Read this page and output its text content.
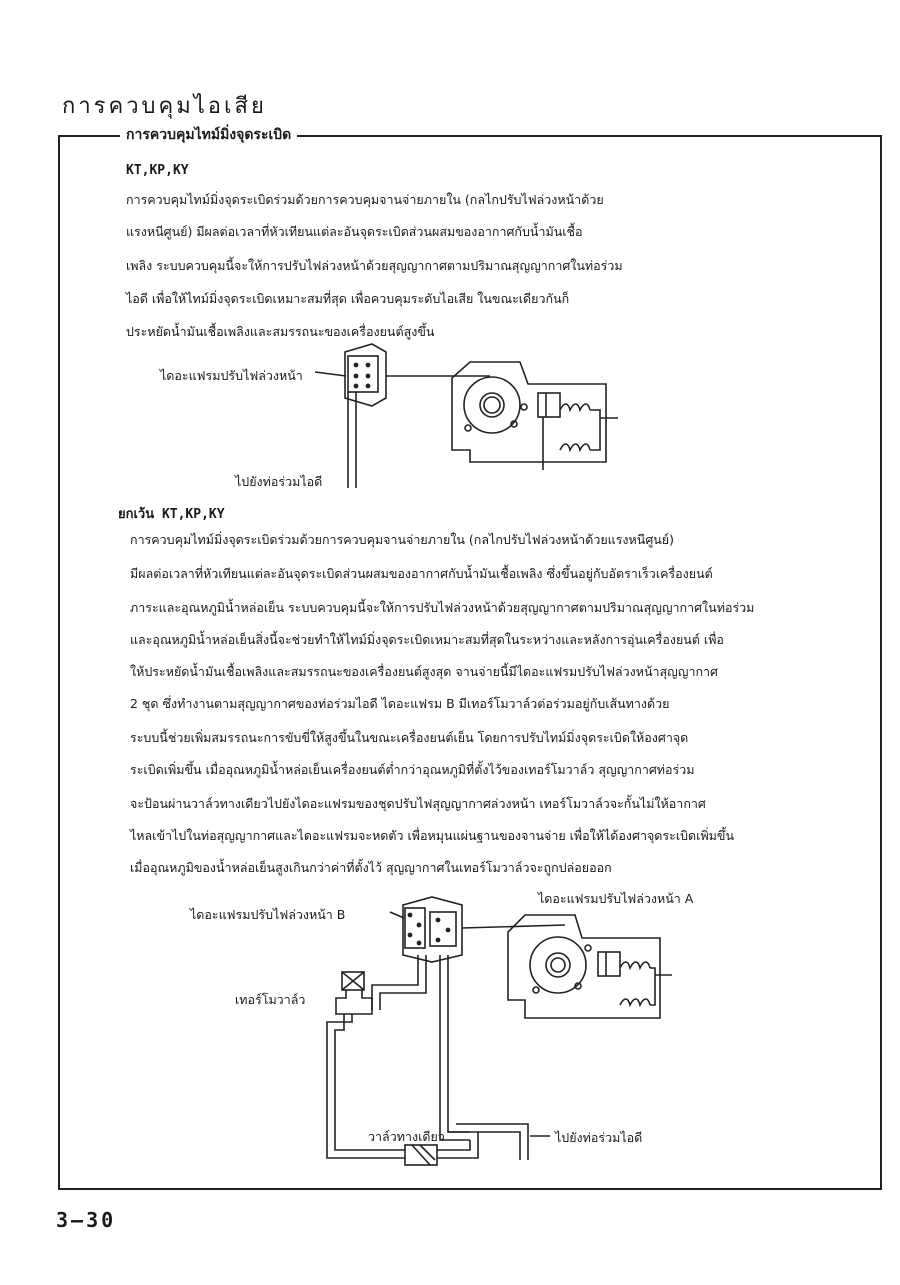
การควบคุมไอเสีย
การควบคุมไทม์มิ่งจุดระเบิด
KT,KP,KY
การควบคุมไทม์มิ่งจุดระเบิดร่วมด้วยการควบคุมจานจ่ายภายใน (กลไกปรับไฟล่วงหน้าด้วย
แรงหนีศูนย์) มีผลต่อเวลาที่หัวเทียนแต่ละอันจุดระเบิดส่วนผสมของอากาศกับน้ำมันเชื้อ
เพลิง ระบบควบคุมนี้จะให้การปรับไฟล่วงหน้าด้วยสุญญากาศตามปริมาณสุญญากาศในท่อร่วม
ไอดี เพื่อให้ไทม์มิ่งจุดระเบิดเหมาะสมที่สุด เพื่อควบคุมระดับไอเสีย ในขณะเดียวกันก็
ประหยัดน้ำมันเชื้อเพลิงและสมรรถนะของเครื่องยนต์สูงขึ้น
ไดอะแฟรมปรับไฟล่วงหน้า
ไปยังท่อร่วมไอดี
ยกเว้น KT,KP,KY
การควบคุมไทม์มิ่งจุดระเบิดร่วมด้วยการควบคุมจานจ่ายภายใน (กลไกปรับไฟล่วงหน้าด้วยแรงหนีศูนย์)
มีผลต่อเวลาที่หัวเทียนแต่ละอันจุดระเบิดส่วนผสมของอากาศกับน้ำมันเชื้อเพลิง ซึ่งขึ้นอยู่กับอัตราเร็วเครื่องยนต์
ภาระและอุณหภูมิน้ำหล่อเย็น ระบบควบคุมนี้จะให้การปรับไฟล่วงหน้าด้วยสุญญากาศตามปริมาณสุญญากาศในท่อร่วม
และอุณหภูมิน้ำหล่อเย็นสิ่งนี้จะช่วยทำให้ไทม์มิ่งจุดระเบิดเหมาะสมที่สุดในระหว่างและหลังการอุ่นเครื่องยนต์ เพื่อ
ให้ประหยัดน้ำมันเชื้อเพลิงและสมรรถนะของเครื่องยนต์สูงสุด จานจ่ายนี้มีไดอะแฟรมปรับไฟล่วงหน้าสุญญากาศ
2 ชุด ซึ่งทำงานตามสุญญากาศของท่อร่วมไอดี ไดอะแฟรม B มีเทอร์โมวาล์วต่อร่วมอยู่กับเส้นทางด้วย
ระบบนี้ช่วยเพิ่มสมรรถนะการขับขี่ให้สูงขึ้นในขณะเครื่องยนต์เย็น โดยการปรับไทม์มิ่งจุดระเบิดให้องศาจุด
ระเบิดเพิ่มขึ้น เมื่ออุณหภูมิน้ำหล่อเย็นเครื่องยนต์ต่ำกว่าอุณหภูมิที่ตั้งไว้ของเทอร์โมวาล์ว สุญญากาศท่อร่วม
จะป้อนผ่านวาล์วทางเดียวไปยังไดอะแฟรมของชุดปรับไฟสุญญากาศล่วงหน้า เทอร์โมวาล์วจะกั้นไม่ให้อากาศ
ไหลเข้าไปในท่อสุญญากาศและไดอะแฟรมจะหดตัว เพื่อหมุนแผ่นฐานของจานจ่าย เพื่อให้ได้องศาจุดระเบิดเพิ่มขึ้น
เมื่ออุณหภูมิของน้ำหล่อเย็นสูงเกินกว่าค่าที่ตั้งไว้ สุญญากาศในเทอร์โมวาล์วจะถูกปล่อยออก
ไดอะแฟรมปรับไฟล่วงหน้า B
ไดอะแฟรมปรับไฟล่วงหน้า A
เทอร์โมวาล์ว
วาล์วทางเดียว	ไปยังท่อร่วมไอดี
3–30
